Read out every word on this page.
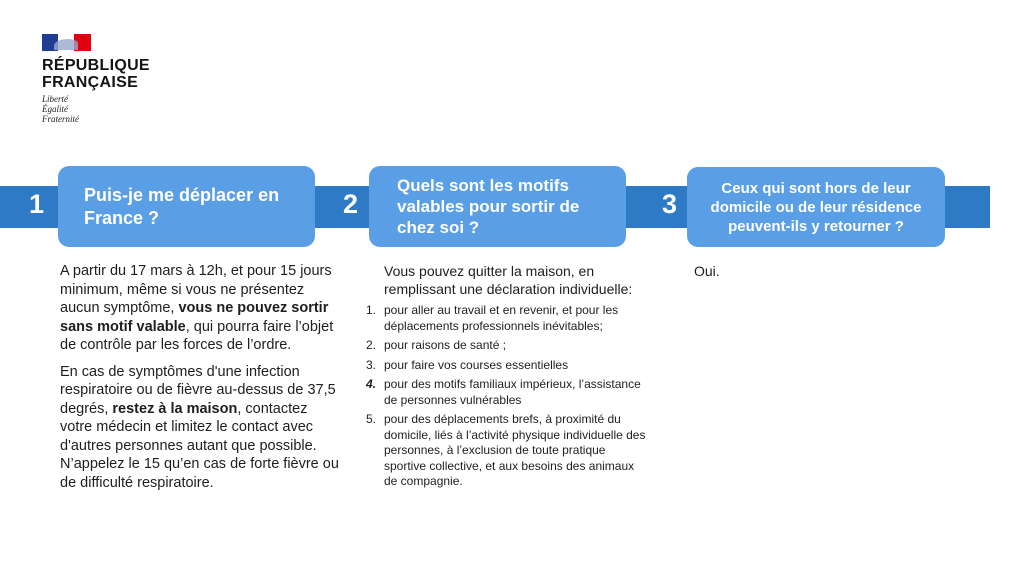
RÉPUBLIQUE
FRANÇAISE
Liberté
Égalité
Fraternité
1 Puis-je me déplacer en France ?	2
Quels sont les motifs valables pour sortir de chez soi ?
3
Ceux qui sont hors de leur domicile ou de leur résidence peuvent-ils y retourner ?

A partir du 17 mars à 12h, et pour 15 jours minimum, même si vous ne présentez aucun symptôme, vous ne pouvez sortir sans motif valable, qui pourra faire l’objet de contrôle par les forces de l’ordre.

En cas de symptômes d'une infection respiratoire ou de fièvre au-dessus de 37,5 degrés, restez à la maison, contactez votre médecin et limitez le contact avec d'autres personnes autant que possible. N’appelez le 15 qu’en cas de forte fièvre ou de difficulté respiratoire.

Vous pouvez quitter la maison, en remplissant une déclaration individuelle:

1. pour aller au travail et en revenir, et pour les déplacements professionnels inévitables;
2. pour raisons de santé ;
3. pour faire vos courses essentielles
4. pour des motifs familiaux impérieux, l’assistance de personnes vulnérables
5. pour des déplacements brefs, à proximité du domicile, liés à l’activité physique individuelle des personnes, à l’exclusion de toute pratique sportive collective, et aux besoins des animaux de compagnie.
Oui.
